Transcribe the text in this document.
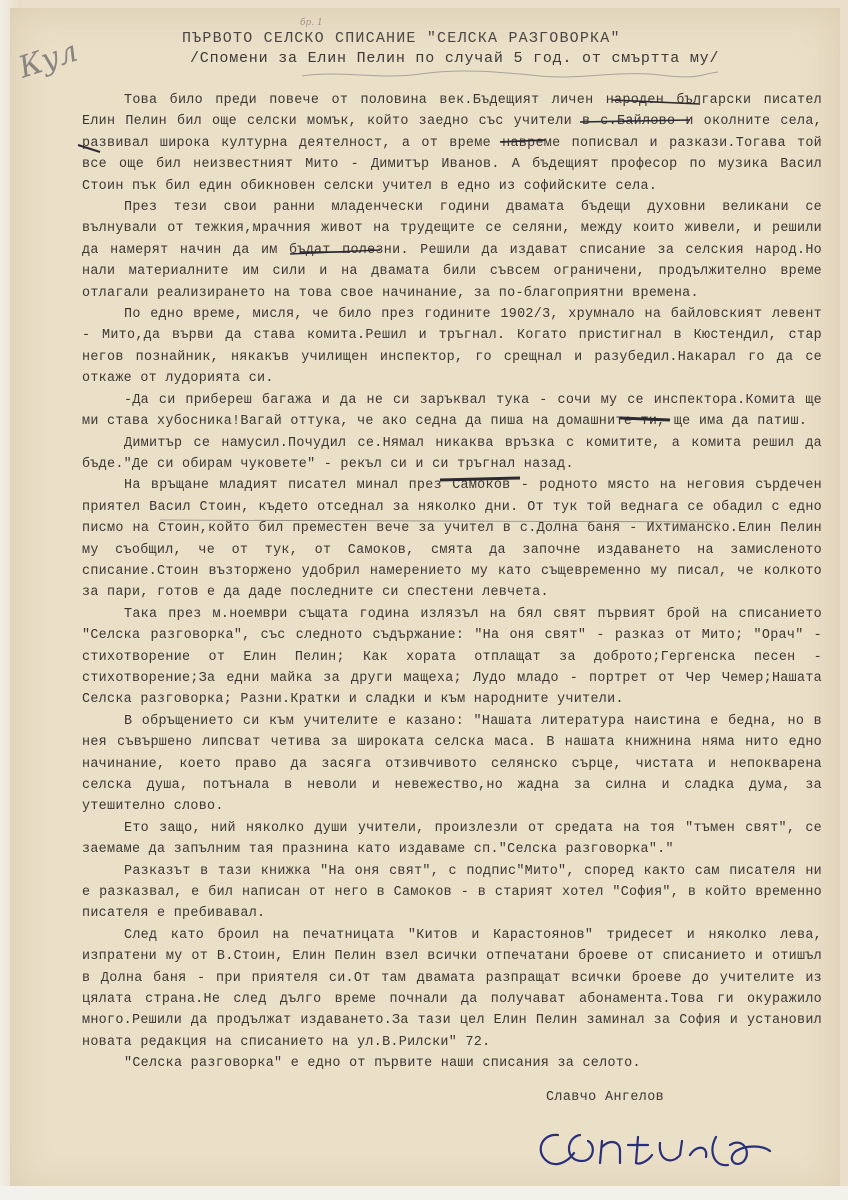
Кул
бр. 1
ПЪРВОТО СЕЛСКО СПИСАНИЕ "СЕЛСКА РАЗГОВОРКА"
/Спомени за Елин Пелин по случай 5 год. от смъртта му/

Това било преди повече от половина век.Бъдещият личен народен български писател Елин Пелин бил още селски момък, който заедно със учители в с.Байлово и околните села, развивал широка културна деятелност, а от време навреме пописвал и разкази.Тогава той все още бил неизвестният Мито - Димитър Иванов. А бъдещият професор по музика Васил Стоин пък бил един обикновен селски учител в едно из софийските села.

През тези свои ранни младенчески години двамата бъдещи духовни великани се вълнували от тежкия,мрачния живот на трудещите се селяни, между които живели, и решили да намерят начин да им бъдат полезни. Решили да издават списание за селския народ.Но нали материалните им сили и на двамата били съвсем ограничени, продължително време отлагали реализирането на това свое начинание, за по-благоприятни времена.

По едно време, мисля, че било през годините 1902/3, хрумнало на байловският левент - Мито,да върви да става комита.Решил и тръгнал. Когато пристигнал в Кюстендил, стар негов познайник, някакъв училищен инспектор, го срещнал и разубедил.Накарал го да се откаже от лудорията си.

-Да си прибереш багажа и да не си заръквал тука - сочи му се инспектора.Комита ще ми става хубосника!Вагай оттука, че ако седна да пиша на домашните ти, ще има да патиш.

Димитър се намусил.Почудил се.Нямал никаква връзка с комитите, а комита решил да бъде."Де си обирам чуковете" - рекъл си и си тръгнал назад.

На връщане младият писател минал през Самоков - родното място на неговия сърдечен приятел Васил Стоин, където отседнал за няколко дни. От тук той веднага се обадил с едно писмо на Стоин,който бил преместен вече за учител в с.Долна баня - Ихтиманско.Елин Пелин му съобщил, че от тук, от Самоков, смята да започне издаването на замисленото списание.Стоин възторжено удобрил намерението му като същевременно му писал, че колкото за пари, готов е да даде последните си спестени левчета.

Така през м.ноември същата година излязъл на бял свят първият брой на списанието "Селска разговорка", със следното съдържание: "На оня свят" - разказ от Мито; "Орач" - стихотворение от Елин Пелин; Как хората отплащат за доброто;Гергенска песен - стихотворение;За едни майка за други мащеха; Лудо младо - портрет от Чер Чемер;Нашата Селска разговорка; Разни.Кратки и сладки и към народните учители.

В обръщението си към учителите е казано: "Нашата литература наистина е бедна, но в нея съвършено липсват четива за широката селска маса. В нашата книжнина няма нито едно начинание, което право да засяга отзивчивото селянско сърце, чистата и непокварена селска душа, потънала в неволи и невежество,но жадна за силна и сладка дума, за утешително слово.

Ето защо, ний няколко души учители, произлезли от средата на тоя "тъмен свят", се заемаме да запълним тая празнина като издаваме сп."Селска разговорка"."

Разказът в тази книжка "На оня свят", с подпис"Мито", според както сам писателя ни е разказвал, е бил написан от него в Самоков - в старият хотел "София", в който временно писателя е пребивавал.

След като броил на печатницата "Китов и Карастоянов" тридесет и няколко лева, изпратени му от В.Стоин, Елин Пелин взел всички отпечатани броеве от списанието и отишъл в Долна баня - при приятеля си.От там двамата разпращат всички броеве до учителите из цялата страна.Не след дълго време почнали да получават абонамента.Това ги окуражило много.Решили да продължат издаването.За тази цел Елин Пелин заминал за София и установил новата редакция на списанието на ул.В.Рилски" 72.

"Селска разговорка" е едно от първите наши списания за селото.

Славчо Ангелов
